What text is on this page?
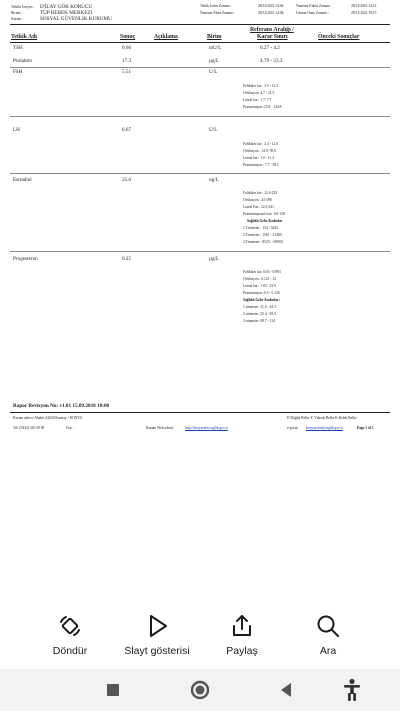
Tetkiki İsteyen : D'İLAY GÖK KORUCU
Birimi :	TÜP BEBEK MERKEZİ
Kurum :	SOSYAL GÜVENLİK KURUMU
Tetkik İstem Zamanı :	28/12/2022 14:04
Numune Alma Zamanı :	28/12/2022 14:04
Numune Kabul Zamanı :	28/12/2022 14:14
Uzman Onay Zamanı :	28/12/2022 19:15
Tetkik Adı	Sonuç	Açıklama	Birim
Referans Aralığı /
Karar Sınırı	Önceki Sonuçlar
TSH	0.66	mU/L	0.27 - 4.2
Prolaktin	17.3	µg/L	4.79 - 23.3
FSH	5.51	U/L
Foliküler faz : 3.5 - 12.5
Ovülasyon :4.7 - 21.5
Luteal faz : 1.7- 7.7
Postmenapoz :25.8 - 134.8
LH	6.67	U/L
Foliküler faz : 2.4 - 12.6
Ovülasyon : 14.0- 95.6
Luteal faz : 1.0 - 11.4
Postmenapoz : 7.7 - 58.5
Estradiol	25.0	ng/L
Foliküler faz : 12.4-233
Ovülasyon : 41-398
Luteal Faz : 22.3-341
Postmenapozal evre :5.0-138
Sağlıklı Gebe Kadınlar
1.Trimester : 154 - 3243
2.Trimester : 1561 - 21280
3.Trimester : 8525- >30000
Progesteron	0.25	µg/L
Foliküler faz :0.05 - 0.893
Ovülasyon : 0.121 - 12
Luteal faz : 1.83 - 23.9
Postmenapoz :0.5 - 0.126
Sağlıklı Gebe Kadınlar :
1.trimester :11.0 - 44.3
2.trimester :25.4 - 83.3
3.trimester :58.7 - 214
Rapor Revizyon No: v1.01 15.09.2018 18:00
Kurum adresi: Akabe, 42020 Karatay / KONYA
Tel: (0332) 310 59 00	Fax: -	Kurum Web adresi:	http://konyasehir.saglik.gov.tr
D Döğük Belke Y. Yüksek Belke K.Keleb Belke
e-posta: konyasehir@saglik.gov.tr	Page 1 of 1
Döndür	Slayt gösterisi	Paylaş	Ara
